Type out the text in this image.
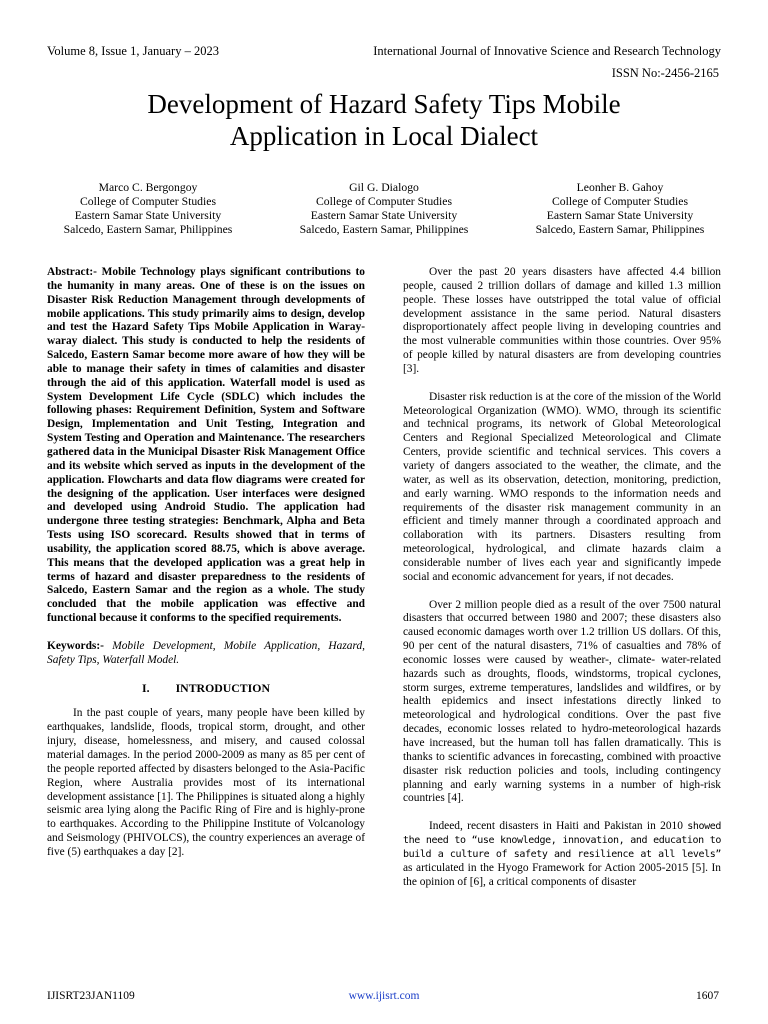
Volume 8, Issue 1, January – 2023	International Journal of Innovative Science and Research Technology
ISSN No:-2456-2165
Development of Hazard Safety Tips Mobile
Application in Local Dialect
Marco C. Bergongoy
College of Computer Studies
Eastern Samar State University
Salcedo, Eastern Samar, Philippines
Gil G. Dialogo
College of Computer Studies
Eastern Samar State University
Salcedo, Eastern Samar, Philippines
Leonher B. Gahoy
College of Computer Studies
Eastern Samar State University
Salcedo, Eastern Samar, Philippines

Abstract:- Mobile Technology plays significant contributions to the humanity in many areas. One of these is on the issues on Disaster Risk Reduction Management through developments of mobile applications. This study primarily aims to design, develop and test the Hazard Safety Tips Mobile Application in Waray-waray dialect. This study is conducted to help the residents of Salcedo, Eastern Samar become more aware of how they will be able to manage their safety in times of calamities and disaster through the aid of this application. Waterfall model is used as System Development Life Cycle (SDLC) which includes the following phases: Requirement Definition, System and Software Design, Implementation and Unit Testing, Integration and System Testing and Operation and Maintenance. The researchers gathered data in the Municipal Disaster Risk Management Office and its website which served as inputs in the development of the application. Flowcharts and data flow diagrams were created for the designing of the application. User interfaces were designed and developed using Android Studio. The application had undergone three testing strategies: Benchmark, Alpha and Beta Tests using ISO scorecard. Results showed that in terms of usability, the application scored 88.75, which is above average. This means that the developed application was a great help in terms of hazard and disaster preparedness to the residents of Salcedo, Eastern Samar and the region as a whole. The study concluded that the mobile application was effective and functional because it conforms to the specified requirements.

Keywords:- Mobile Development, Mobile Application, Hazard, Safety Tips, Waterfall Model.

I. INTRODUCTION

In the past couple of years, many people have been killed by earthquakes, landslide, floods, tropical storm, drought, and other injury, disease, homelessness, and misery, and caused colossal material damages. In the period 2000-2009 as many as 85 per cent of the people reported affected by disasters belonged to the Asia-Pacific Region, where Australia provides most of its international development assistance [1]. The Philippines is situated along a highly seismic area lying along the Pacific Ring of Fire and is highly-prone to earthquakes. According to the Philippine Institute of Volcanology and Seismology (PHIVOLCS), the country experiences an average of five (5) earthquakes a day [2].

Over the past 20 years disasters have affected 4.4 billion people, caused 2 trillion dollars of damage and killed 1.3 million people. These losses have outstripped the total value of official development assistance in the same period. Natural disasters disproportionately affect people living in developing countries and the most vulnerable communities within those countries. Over 95% of people killed by natural disasters are from developing countries [3].

Disaster risk reduction is at the core of the mission of the World Meteorological Organization (WMO). WMO, through its scientific and technical programs, its network of Global Meteorological Centers and Regional Specialized Meteorological and Climate Centers, provide scientific and technical services. This covers a variety of dangers associated to the weather, the climate, and the water, as well as its observation, detection, monitoring, prediction, and early warning. WMO responds to the information needs and requirements of the disaster risk management community in an efficient and timely manner through a coordinated approach and collaboration with its partners. Disasters resulting from meteorological, hydrological, and climate hazards claim a considerable number of lives each year and significantly impede social and economic advancement for years, if not decades.

Over 2 million people died as a result of the over 7500 natural disasters that occurred between 1980 and 2007; these disasters also caused economic damages worth over 1.2 trillion US dollars. Of this, 90 per cent of the natural disasters, 71% of casualties and 78% of economic losses were caused by weather-, climate- water-related hazards such as droughts, floods, windstorms, tropical cyclones, storm surges, extreme temperatures, landslides and wildfires, or by health epidemics and insect infestations directly linked to meteorological and hydrological conditions. Over the past five decades, economic losses related to hydro-meteorological hazards have increased, but the human toll has fallen dramatically. This is thanks to scientific advances in forecasting, combined with proactive disaster risk reduction policies and tools, including contingency planning and early warning systems in a number of high-risk countries [4].

Indeed, recent disasters in Haiti and Pakistan in 2010 showed the need to “use knowledge, innovation, and education to build a culture of safety and resilience at all levels” as articulated in the Hyogo Framework for Action 2005-2015 [5]. In the opinion of [6], a critical components of disaster

IJISRT23JAN1109	www.ijisrt.com	1607
